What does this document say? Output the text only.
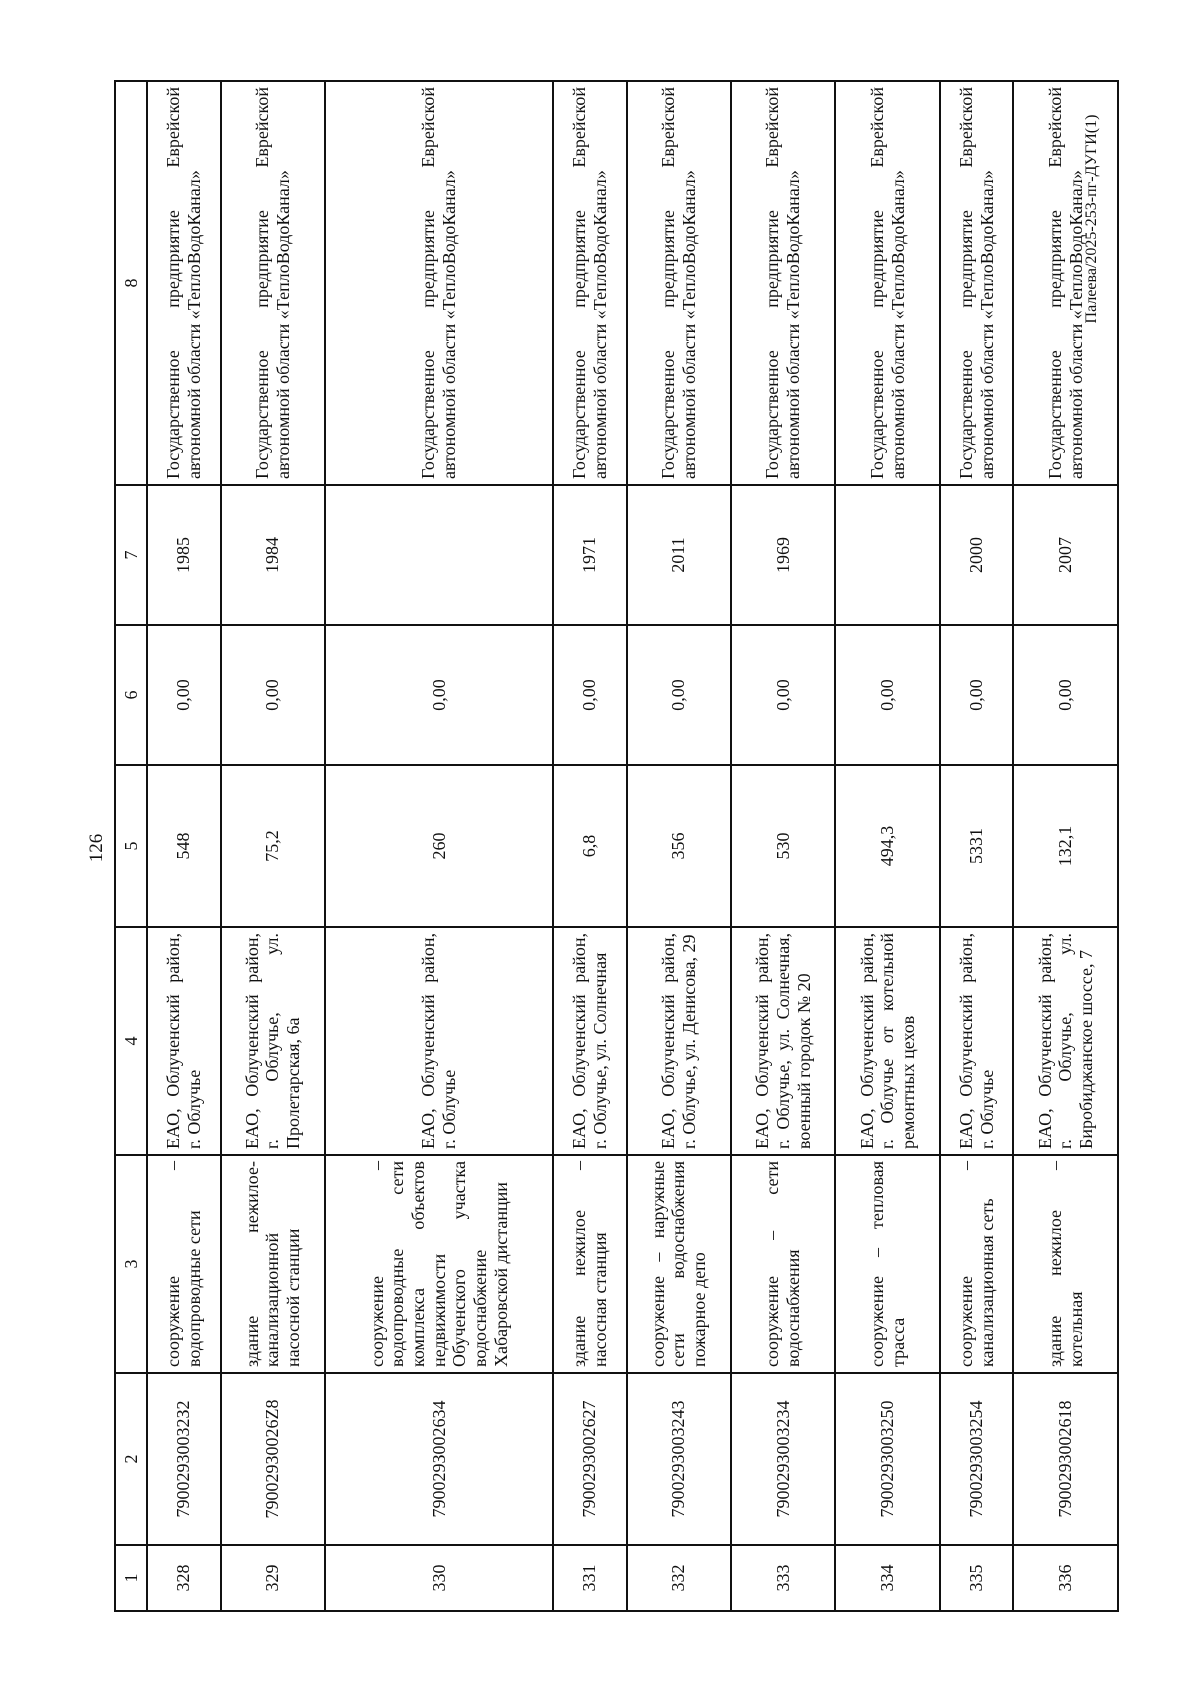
126
Палеева/2025-253-пг-ДУГИ(1)
1	2	3	4	5	6	7	8
328	79002930032З2	сооружение – водопроводные сети	ЕАО, Облученский район, г. Облучье	548	0,00	1985	Государственное предприятие Еврейской автономной области «ТеплоВодоКанал»
329	79002930026Z8	здание нежилое-канализационной насосной станции	ЕАО, Облученский район, г. Облучье, ул. Пролетарская, 6а	75,2	0,00	1984	Государственное предприятие Еврейской автономной области «ТеплоВодоКанал»
330	790029З002634	сооружение – водопроводные сети комплекса объектов недвижимости Обученского участка водоснабжение Хабаровской дистанции	ЕАО, Облученский район, г. Облучье	260	0,00		Государственное предприятие Еврейской автономной области «ТеплоВодоКанал»
331	7900293002627	здание нежилое – насосная станция	ЕАО, Облученский район, г. Облучье, ул. Солнечная	6,8	0,00	1971	Государственное предприятие Еврейской автономной области «ТеплоВодоКанал»
332	7900293003243	сооружение – наружные сети водоснабжения пожарное депо	ЕАО, Облученский район, г. Облучье, ул. Денисова, 29	356	0,00	2011	Государственное предприятие Еврейской автономной области «ТеплоВодоКанал»
333	7900293003234	сооружение – сети водоснабжения	ЕАО, Облученский район, г. Облучье, ул. Солнечная, военный городок № 20	530	0,00	1969	Государственное предприятие Еврейской автономной области «ТеплоВодоКанал»
334	7900293003250	сооружение – тепловая трасса	ЕАО, Облученский район, г. Облучье от котельной ремонтных цехов	494,3	0,00		Государственное предприятие Еврейской автономной области «ТеплоВодоКанал»
335	7900293003254	сооружение – канализационная сеть	ЕАО, Облученский район, г. Облучье	5331	0,00	2000	Государственное предприятие Еврейской автономной области «ТеплоВодоКанал»
336	7900293002618	здание нежилое – котельная	ЕАО, Облученский район, г. Облучье, ул. Биробиджанское шоссе, 7	132,1	0,00	2007	Государственное предприятие Еврейской автономной области «ТеплоВодоКанал»
